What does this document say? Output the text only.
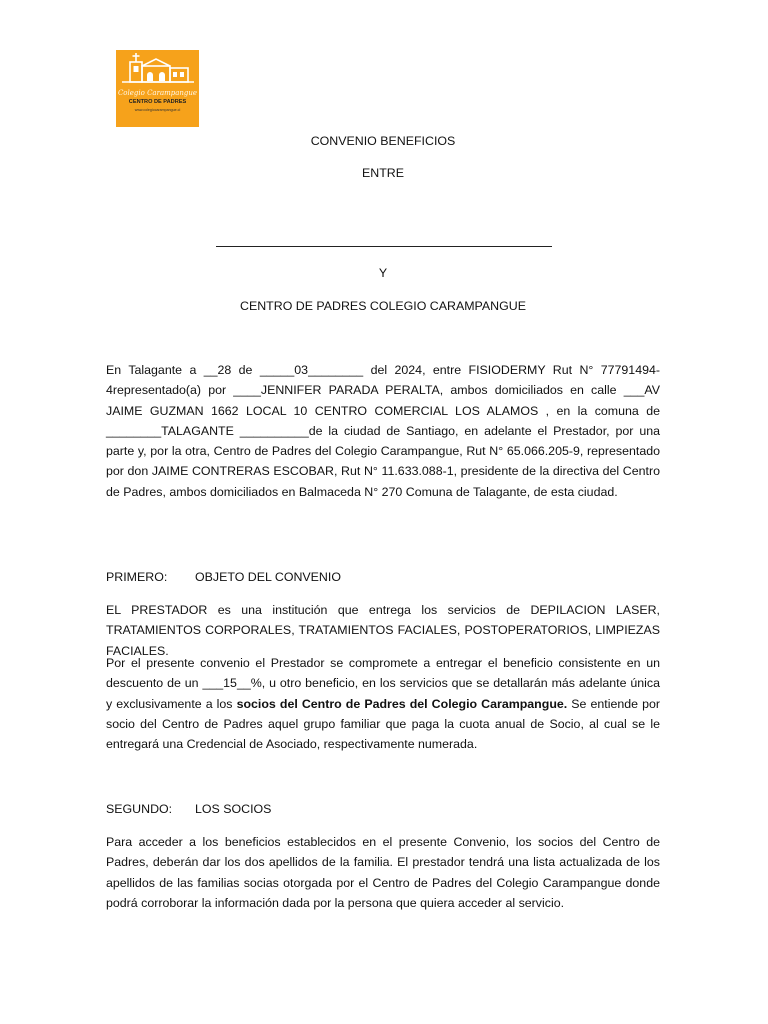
Colegio Carampangue
CENTRO DE PADRES
www.colegiocarampangue.cl

CONVENIO BENEFICIOS

ENTRE

Y

CENTRO DE PADRES COLEGIO CARAMPANGUE

En Talagante a __28 de _____03________ del 2024, entre FISIODERMY Rut N° 77791494-4representado(a) por ____JENNIFER PARADA PERALTA, ambos domiciliados en calle ___AV JAIME GUZMAN 1662 LOCAL 10 CENTRO COMERCIAL LOS ALAMOS , en la comuna de ________TALAGANTE __________de la ciudad de Santiago, en adelante el Prestador, por una parte y, por la otra, Centro de Padres del Colegio Carampangue, Rut N° 65.066.205-9, representado por don JAIME CONTRERAS ESCOBAR, Rut N° 11.633.088-1, presidente de la directiva del Centro de Padres, ambos domiciliados en Balmaceda N° 270 Comuna de Talagante, de esta ciudad.

PRIMERO: OBJETO DEL CONVENIO

EL PRESTADOR es una institución que entrega los servicios de DEPILACION LASER, TRATAMIENTOS CORPORALES, TRATAMIENTOS FACIALES, POSTOPERATORIOS, LIMPIEZAS FACIALES.

Por el presente convenio el Prestador se compromete a entregar el beneficio consistente en un descuento de un ___15__%, u otro beneficio, en los servicios que se detallarán más adelante única y exclusivamente a los socios del Centro de Padres del Colegio Carampangue. Se entiende por socio del Centro de Padres aquel grupo familiar que paga la cuota anual de Socio, al cual se le entregará una Credencial de Asociado, respectivamente numerada.

SEGUNDO: LOS SOCIOS

Para acceder a los beneficios establecidos en el presente Convenio, los socios del Centro de Padres, deberán dar los dos apellidos de la familia. El prestador tendrá una lista actualizada de los apellidos de las familias socias otorgada por el Centro de Padres del Colegio Carampangue donde podrá corroborar la información dada por la persona que quiera acceder al servicio.
